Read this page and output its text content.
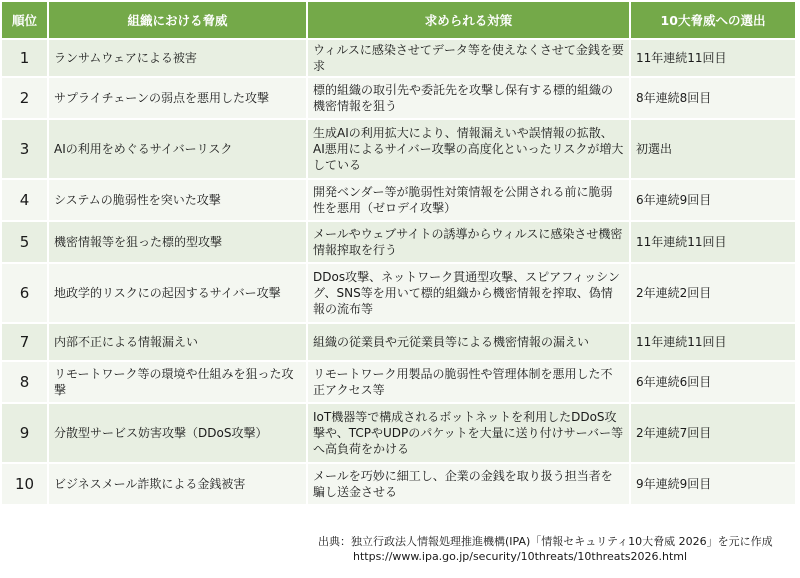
順位	組織における脅威	求められる対策	10大脅威への選出
1	ランサムウェアによる被害	ウィルスに感染させてデータ等を使えなくさせて金銭を要求	11年連続11回目
2	サプライチェーンの弱点を悪用した攻撃	標的組織の取引先や委託先を攻撃し保有する標的組織の機密情報を狙う	8年連続8回目
3	AIの利用をめぐるサイバーリスク	生成AIの利用拡大により、情報漏えいや誤情報の拡散、AI悪用によるサイバー攻撃の高度化といったリスクが増大している	初選出
4	システムの脆弱性を突いた攻撃	開発ベンダー等が脆弱性対策情報を公開される前に脆弱性を悪用（ゼロデイ攻撃）	6年連続9回目
5	機密情報等を狙った標的型攻撃	メールやウェブサイトの誘導からウィルスに感染させ機密情報搾取を行う	11年連続11回目
6	地政学的リスクにの起因するサイバー攻撃	DDos攻撃、ネットワーク貫通型攻撃、スピアフィッシング、SNS等を用いて標的組織から機密情報を搾取、偽情報の流布等	2年連続2回目
7	内部不正による情報漏えい	組織の従業員や元従業員等による機密情報の漏えい	11年連続11回目
8	リモートワーク等の環境や仕組みを狙った攻撃	リモートワーク用製品の脆弱性や管理体制を悪用した不正アクセス等	6年連続6回目
9	分散型サービス妨害攻撃（DDoS攻撃）	IoT機器等で構成されるボットネットを利用したDDoS攻撃や、TCPやUDPのパケットを大量に送り付けサーバー等へ高負荷をかける	2年連続7回目
10	ビジネスメール詐欺による金銭被害	メールを巧妙に細工し、企業の金銭を取り扱う担当者を騙し送金させる	9年連続9回目
出典：独立行政法人情報処理推進機構(IPA)「情報セキュリティ10大脅威 2026」を元に作成
https://www.ipa.go.jp/security/10threats/10threats2026.html
